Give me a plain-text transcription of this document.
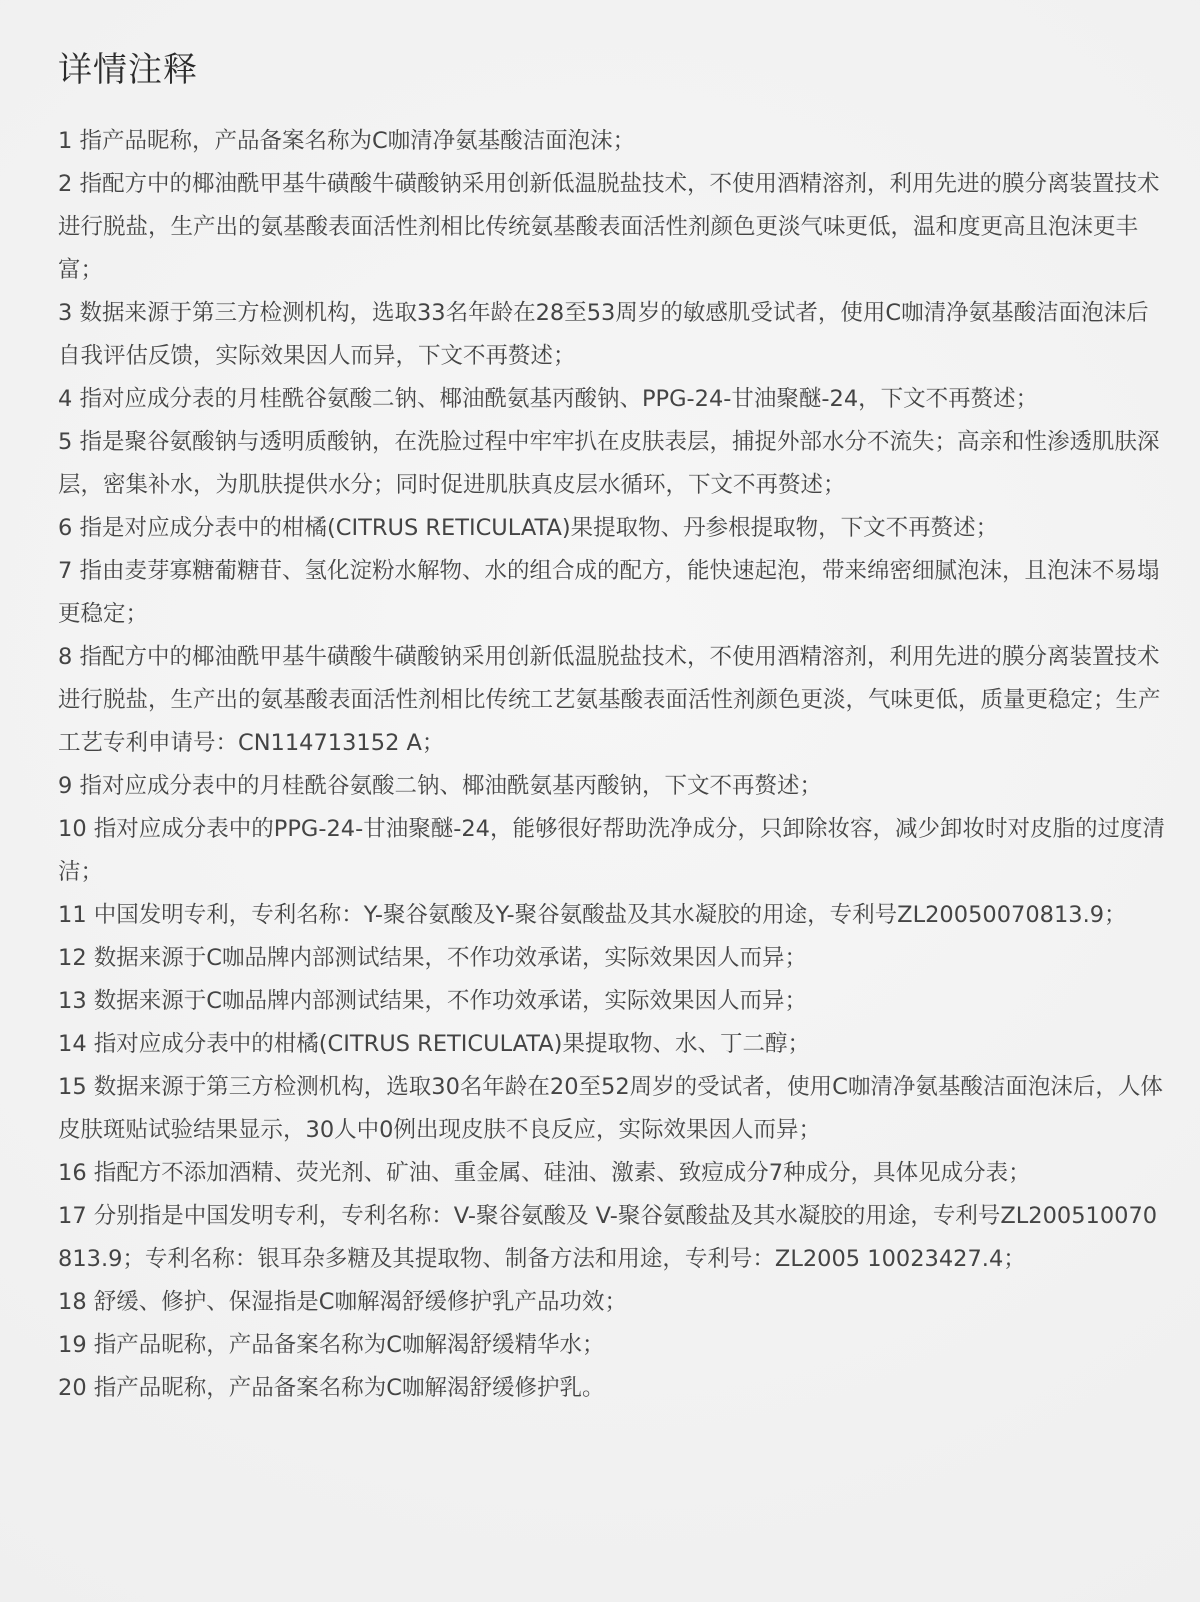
详情注释
1 指产品昵称，产品备案名称为C咖清净氨基酸洁面泡沫；
2 指配方中的椰油酰甲基牛磺酸牛磺酸钠采用创新低温脱盐技术，不使用酒精溶剂，利用先进的膜分离装置技术进行脱盐，生产出的氨基酸表面活性剂相比传统氨基酸表面活性剂颜色更淡气味更低，温和度更高且泡沫更丰富；
3 数据来源于第三方检测机构，选取33名年龄在28至53周岁的敏感肌受试者，使用C咖清净氨基酸洁面泡沫后自我评估反馈，实际效果因人而异，下文不再赘述；
4 指对应成分表的月桂酰谷氨酸二钠、椰油酰氨基丙酸钠、PPG-24-甘油聚醚-24，下文不再赘述；
5 指是聚谷氨酸钠与透明质酸钠，在洗脸过程中牢牢扒在皮肤表层，捕捉外部水分不流失；高亲和性渗透肌肤深层，密集补水，为肌肤提供水分；同时促进肌肤真皮层水循环，下文不再赘述；
6 指是对应成分表中的柑橘(CITRUS RETICULATA)果提取物、丹参根提取物，下文不再赘述；
7 指由麦芽寡糖葡糖苷、氢化淀粉水解物、水的组合成的配方，能快速起泡，带来绵密细腻泡沫，且泡沫不易塌更稳定；
8 指配方中的椰油酰甲基牛磺酸牛磺酸钠采用创新低温脱盐技术，不使用酒精溶剂，利用先进的膜分离装置技术进行脱盐，生产出的氨基酸表面活性剂相比传统工艺氨基酸表面活性剂颜色更淡，气味更低，质量更稳定；生产工艺专利申请号：CN114713152 A；
9 指对应成分表中的月桂酰谷氨酸二钠、椰油酰氨基丙酸钠，下文不再赘述；
10 指对应成分表中的PPG-24-甘油聚醚-24，能够很好帮助洗净成分，只卸除妆容，减少卸妆时对皮脂的过度清洁；
11 中国发明专利，专利名称：Y-聚谷氨酸及Y-聚谷氨酸盐及其水凝胶的用途，专利号ZL20050070813.9；
12 数据来源于C咖品牌内部测试结果，不作功效承诺，实际效果因人而异；
13 数据来源于C咖品牌内部测试结果，不作功效承诺，实际效果因人而异；
14 指对应成分表中的柑橘(CITRUS RETICULATA)果提取物、水、丁二醇；
15 数据来源于第三方检测机构，选取30名年龄在20至52周岁的受试者，使用C咖清净氨基酸洁面泡沫后，人体皮肤斑贴试验结果显示，30人中0例出现皮肤不良反应，实际效果因人而异；
16 指配方不添加酒精、荧光剂、矿油、重金属、硅油、激素、致痘成分7种成分，具体见成分表；
17 分别指是中国发明专利，专利名称：V-聚谷氨酸及 V-聚谷氨酸盐及其水凝胶的用途，专利号ZL200510070813.9；专利名称：银耳杂多糖及其提取物、制备方法和用途，专利号：ZL2005 10023427.4；
18 舒缓、修护、保湿指是C咖解渴舒缓修护乳产品功效；
19 指产品昵称，产品备案名称为C咖解渴舒缓精华水；
20 指产品昵称，产品备案名称为C咖解渴舒缓修护乳。
